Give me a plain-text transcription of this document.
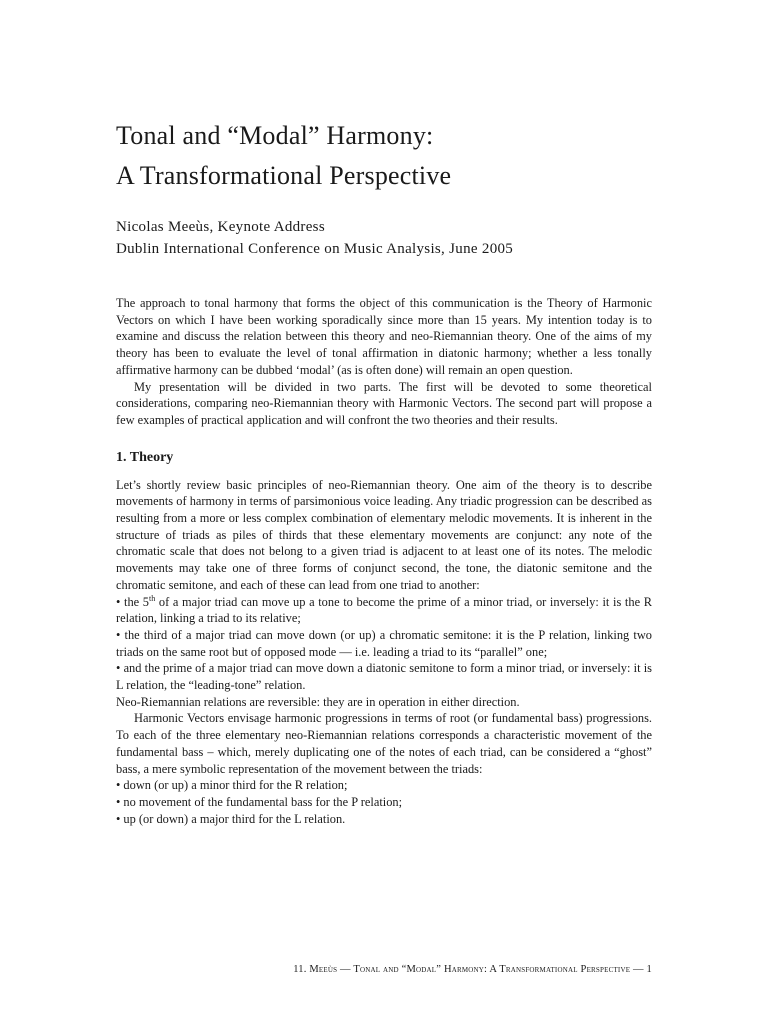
Tonal and “Modal” Harmony:
A Transformational Perspective

Nicolas Meeùs, Keynote Address

Dublin International Conference on Music Analysis, June 2005

The approach to tonal harmony that forms the object of this communication is the Theory of Harmonic Vectors on which I have been working sporadically since more than 15 years. My intention today is to examine and discuss the relation between this theory and neo-Riemannian theory. One of the aims of my theory has been to evaluate the level of tonal affirmation in diatonic harmony; whether a less tonally affirmative harmony can be dubbed ‘modal’ (as is often done) will remain an open question.

My presentation will be divided in two parts. The first will be devoted to some theoretical considerations, comparing neo-Riemannian theory with Harmonic Vectors. The second part will propose a few examples of practical application and will confront the two theories and their results.

1. Theory

Let’s shortly review basic principles of neo-Riemannian theory. One aim of the theory is to describe movements of harmony in terms of parsimonious voice leading. Any triadic progression can be described as resulting from a more or less complex combination of elementary melodic movements. It is inherent in the structure of triads as piles of thirds that these elementary movements are conjunct: any note of the chromatic scale that does not belong to a given triad is adjacent to at least one of its notes. The melodic movements may take one of three forms of conjunct second, the tone, the diatonic semitone and the chromatic semitone, and each of these can lead from one triad to another:

• the 5th of a major triad can move up a tone to become the prime of a minor triad, or inversely: it is the R relation, linking a triad to its relative;

• the third of a major triad can move down (or up) a chromatic semitone: it is the P relation, linking two triads on the same root but of opposed mode — i.e. leading a triad to its “parallel” one;

• and the prime of a major triad can move down a diatonic semitone to form a minor triad, or inversely: it is L relation, the “leading-tone” relation.

Neo-Riemannian relations are reversible: they are in operation in either direction.

Harmonic Vectors envisage harmonic progressions in terms of root (or fundamental bass) progressions. To each of the three elementary neo-Riemannian relations corresponds a characteristic movement of the fundamental bass – which, merely duplicating one of the notes of each triad, can be considered a “ghost” bass, a mere symbolic representation of the movement between the triads:

• down (or up) a minor third for the R relation;

• no movement of the fundamental bass for the P relation;

• up (or down) a major third for the L relation.

11. Meeùs — Tonal and “Modal” Harmony: A Transformational Perspective — 1
